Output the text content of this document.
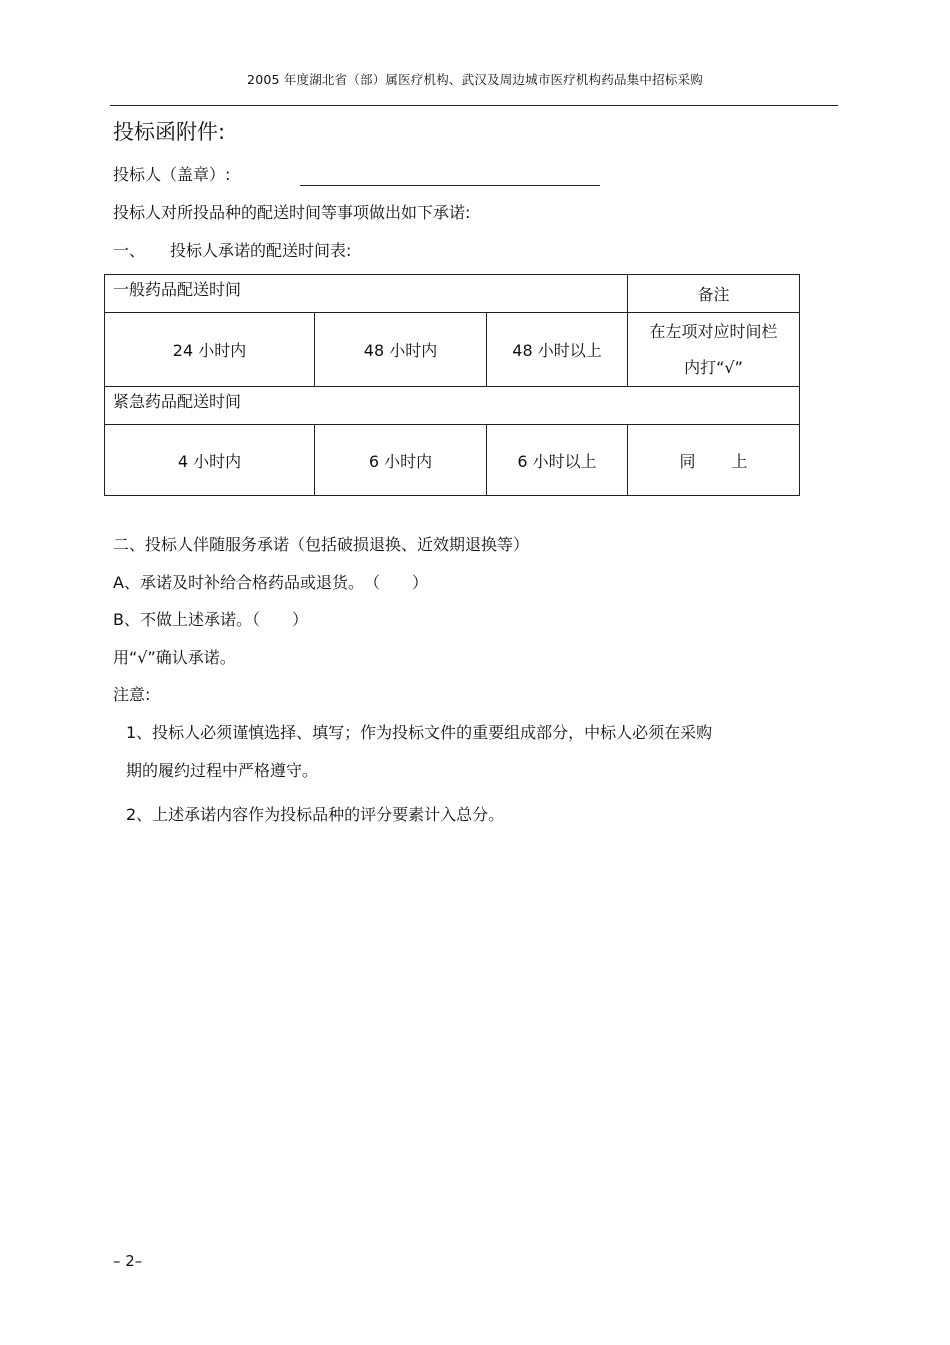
2005 年度湖北省（部）属医疗机构、武汉及周边城市医疗机构药品集中招标采购
投标函附件:
投标人（盖章）:
投标人对所投品种的配送时间等事项做出如下承诺:
一、 投标人承诺的配送时间表:
一般药品配送时间			备注
24 小时内	48 小时内	48 小时以上	在左项对应时间栏
内打“√”

紧急药品配送时间			
4 小时内	6 小时内	6 小时以上	同 上
二、投标人伴随服务承诺（包括破损退换、近效期退换等）
A、承诺及时补给合格药品或退货。　（　　）
B、不做上述承诺。（　　）
用“√”确认承诺。
注意:
1、投标人必须谨慎选择、填写；作为投标文件的重要组成部分，中标人必须在采购
期的履约过程中严格遵守。
2、上述承诺内容作为投标品种的评分要素计入总分。
– 2–
